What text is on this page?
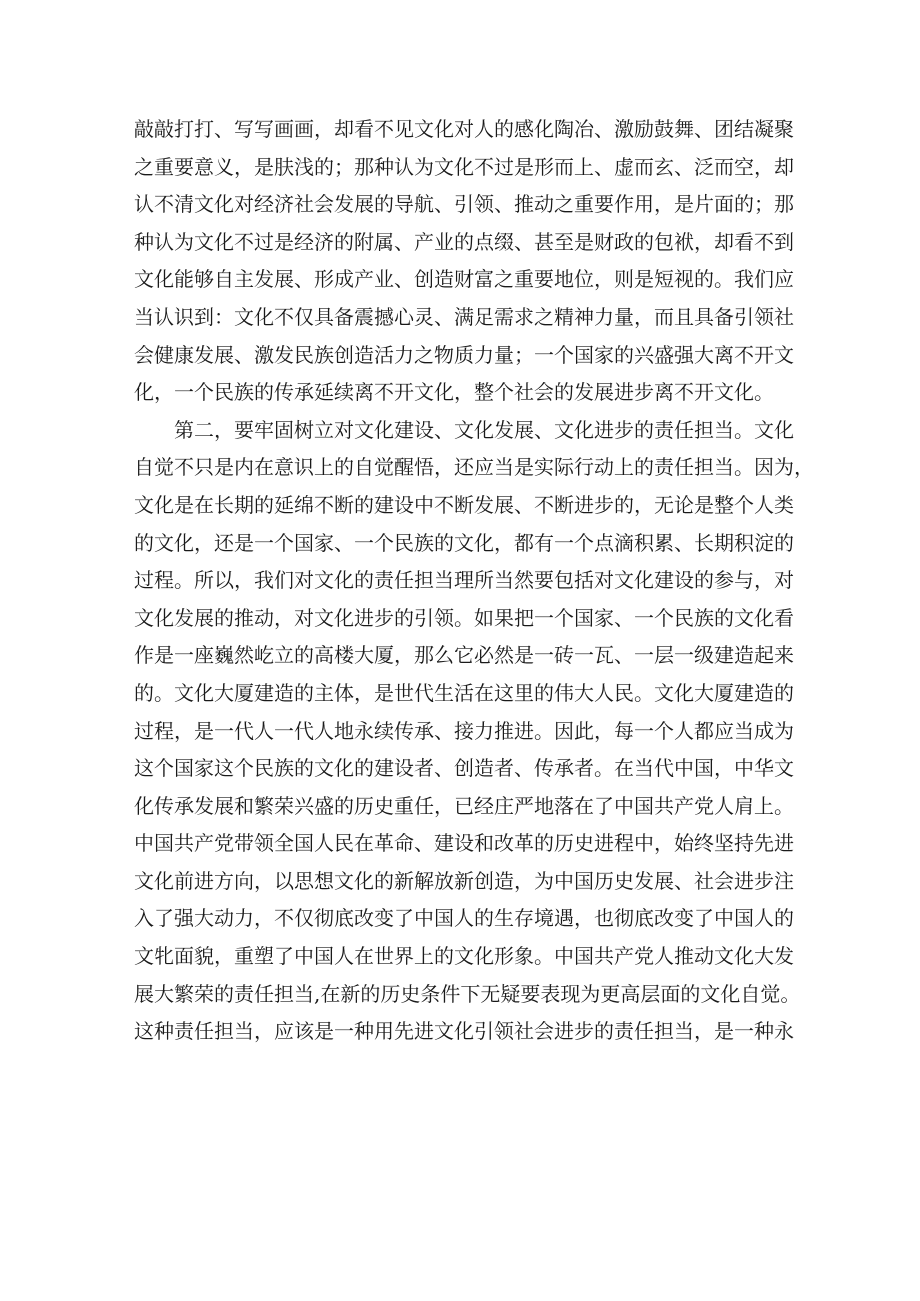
敲敲打打、写写画画，却看不见文化对人的感化陶冶、激励鼓舞、团结凝聚
之重要意义，是肤浅的；那种认为文化不过是形而上、虚而玄、泛而空，却
认不清文化对经济社会发展的导航、引领、推动之重要作用，是片面的；那
种认为文化不过是经济的附属、产业的点缀、甚至是财政的包袱，却看不到
文化能够自主发展、形成产业、创造财富之重要地位，则是短视的。我们应
当认识到：文化不仅具备震撼心灵、满足需求之精神力量，而且具备引领社
会健康发展、激发民族创造活力之物质力量；一个国家的兴盛强大离不开文
化，一个民族的传承延续离不开文化，整个社会的发展进步离不开文化。
第二，要牢固树立对文化建设、文化发展、文化进步的责任担当。文化
自觉不只是内在意识上的自觉醒悟，还应当是实际行动上的责任担当。因为，
文化是在长期的延绵不断的建设中不断发展、不断进步的，无论是整个人类
的文化，还是一个国家、一个民族的文化，都有一个点滴积累、长期积淀的
过程。所以，我们对文化的责任担当理所当然要包括对文化建设的参与，对
文化发展的推动，对文化进步的引领。如果把一个国家、一个民族的文化看
作是一座巍然屹立的高楼大厦，那么它必然是一砖一瓦、一层一级建造起来
的。文化大厦建造的主体，是世代生活在这里的伟大人民。文化大厦建造的
过程，是一代人一代人地永续传承、接力推进。因此，每一个人都应当成为
这个国家这个民族的文化的建设者、创造者、传承者。在当代中国，中华文
化传承发展和繁荣兴盛的历史重任，已经庄严地落在了中国共产党人肩上。
中国共产党带领全国人民在革命、建设和改革的历史进程中，始终坚持先进
文化前进方向，以思想文化的新解放新创造，为中国历史发展、社会进步注
入了强大动力，不仅彻底改变了中国人的生存境遇，也彻底改变了中国人的
文牝面貌，重塑了中国人在世界上的文化形象。中国共产党人推动文化大发
展大繁荣的责任担当,在新的历史条件下无疑要表现为更高层面的文化自觉。
这种责任担当，应该是一种用先进文化引领社会进步的责任担当，是一种永
